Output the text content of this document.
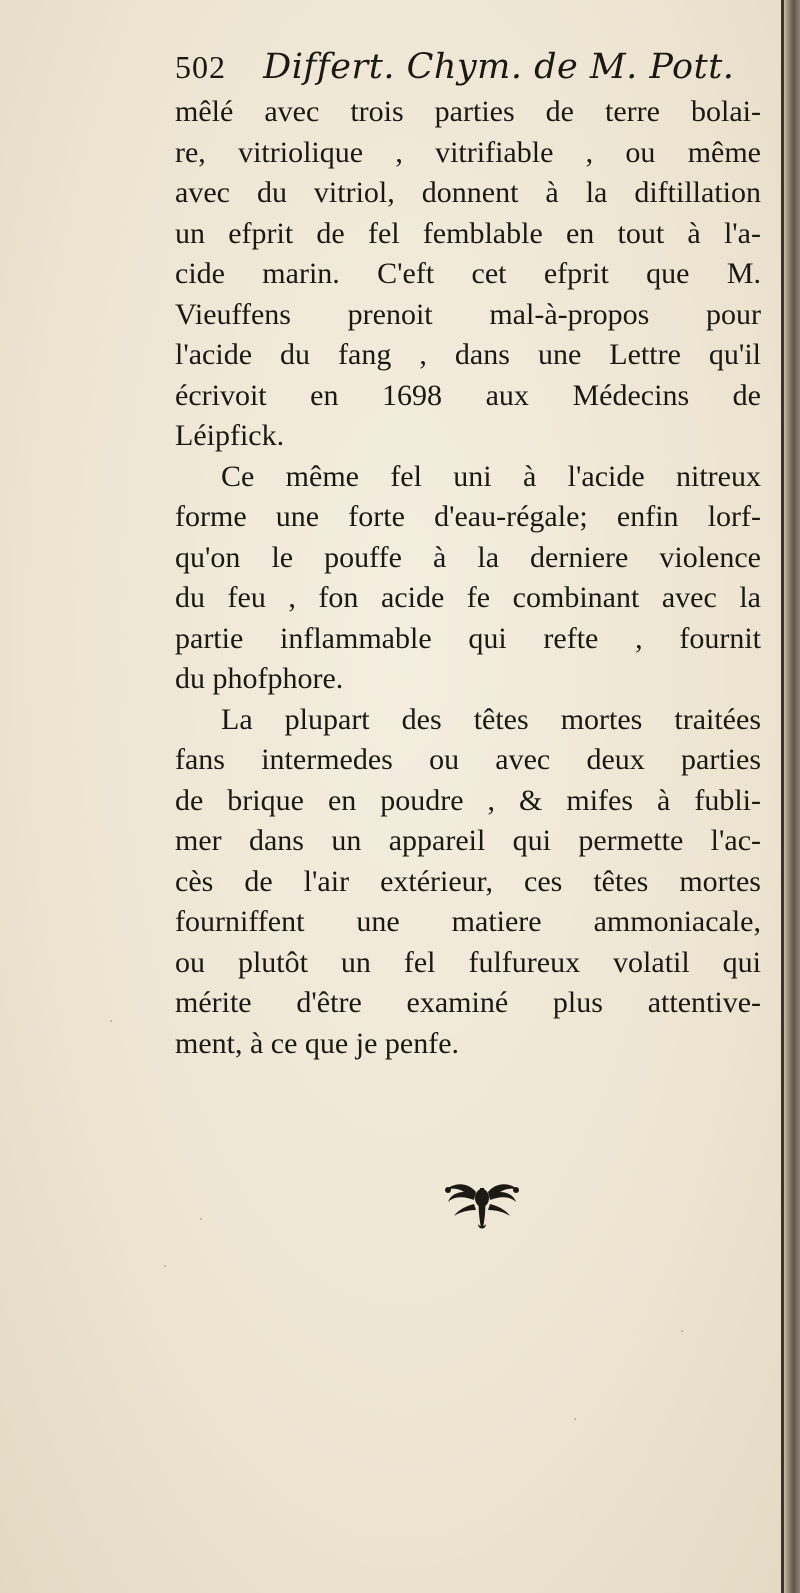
502 Differt. Chym. de M. Pott.
mêlé avec trois parties de terre bolai-
re, vitriolique , vitrifiable , ou même
avec du vitriol, donnent à la diftillation
un efprit de fel femblable en tout à l'a-
cide marin. C'eft cet efprit que M.
Vieuffens prenoit mal-à-propos pour
l'acide du fang , dans une Lettre qu'il
écrivoit en 1698 aux Médecins de
Léipfick.
Ce même fel uni à l'acide nitreux
forme une forte d'eau-régale; enfin lorf-
qu'on le pouffe à la derniere violence
du feu , fon acide fe combinant avec la
partie inflammable qui refte , fournit
du phofphore.
La plupart des têtes mortes traitées
fans intermedes ou avec deux parties
de brique en poudre , & mifes à fubli-
mer dans un appareil qui permette l'ac-
cès de l'air extérieur, ces têtes mortes
fourniffent une matiere ammoniacale,
ou plutôt un fel fulfureux volatil qui
mérite d'être examiné plus attentive-
ment, à ce que je penfe.
